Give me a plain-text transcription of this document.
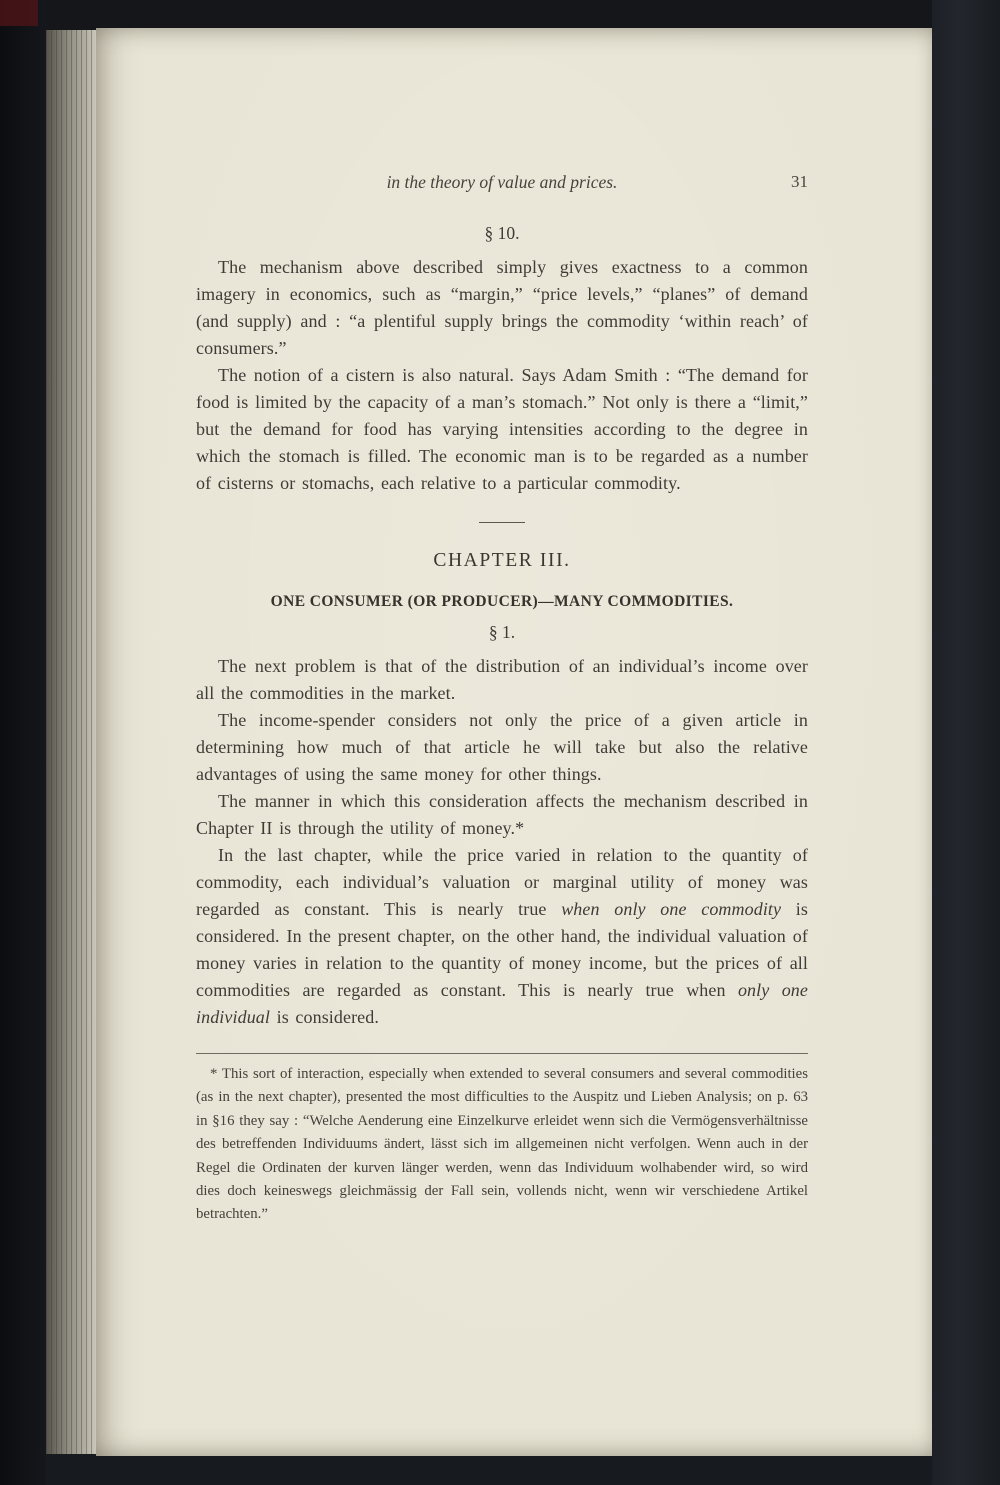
in the theory of value and prices.	31
§ 10.

The mechanism above described simply gives exactness to a common imagery in economics, such as “margin,” “price levels,” “planes” of demand (and supply) and : “a plentiful supply brings the commodity ‘within reach’ of consumers.”

The notion of a cistern is also natural. Says Adam Smith : “The demand for food is limited by the capacity of a man’s stomach.” Not only is there a “limit,” but the demand for food has varying intensities according to the degree in which the stomach is filled. The economic man is to be regarded as a number of cisterns or stomachs, each relative to a particular commodity.

CHAPTER III.
ONE CONSUMER (OR PRODUCER)—MANY COMMODITIES.
§ 1.

The next problem is that of the distribution of an individual’s income over all the commodities in the market.

The income-spender considers not only the price of a given article in determining how much of that article he will take but also the relative advantages of using the same money for other things.

The manner in which this consideration affects the mechanism described in Chapter II is through the utility of money.*

In the last chapter, while the price varied in relation to the quantity of commodity, each individual’s valuation or marginal utility of money was regarded as constant. This is nearly true when only one commodity is considered. In the present chapter, on the other hand, the individual valuation of money varies in relation to the quantity of money income, but the prices of all commodities are regarded as constant. This is nearly true when only one individual is considered.

* This sort of interaction, especially when extended to several consumers and several commodities (as in the next chapter), presented the most difficulties to the Auspitz und Lieben Analysis; on p. 63 in §16 they say : “Welche Aenderung eine Einzelkurve erleidet wenn sich die Vermögensverhältnisse des betreffenden Individuums ändert, lässt sich im allgemeinen nicht verfolgen. Wenn auch in der Regel die Ordinaten der kurven länger werden, wenn das Individuum wolhabender wird, so wird dies doch keineswegs gleichmässig der Fall sein, vollends nicht, wenn wir verschiedene Artikel betrachten.”
